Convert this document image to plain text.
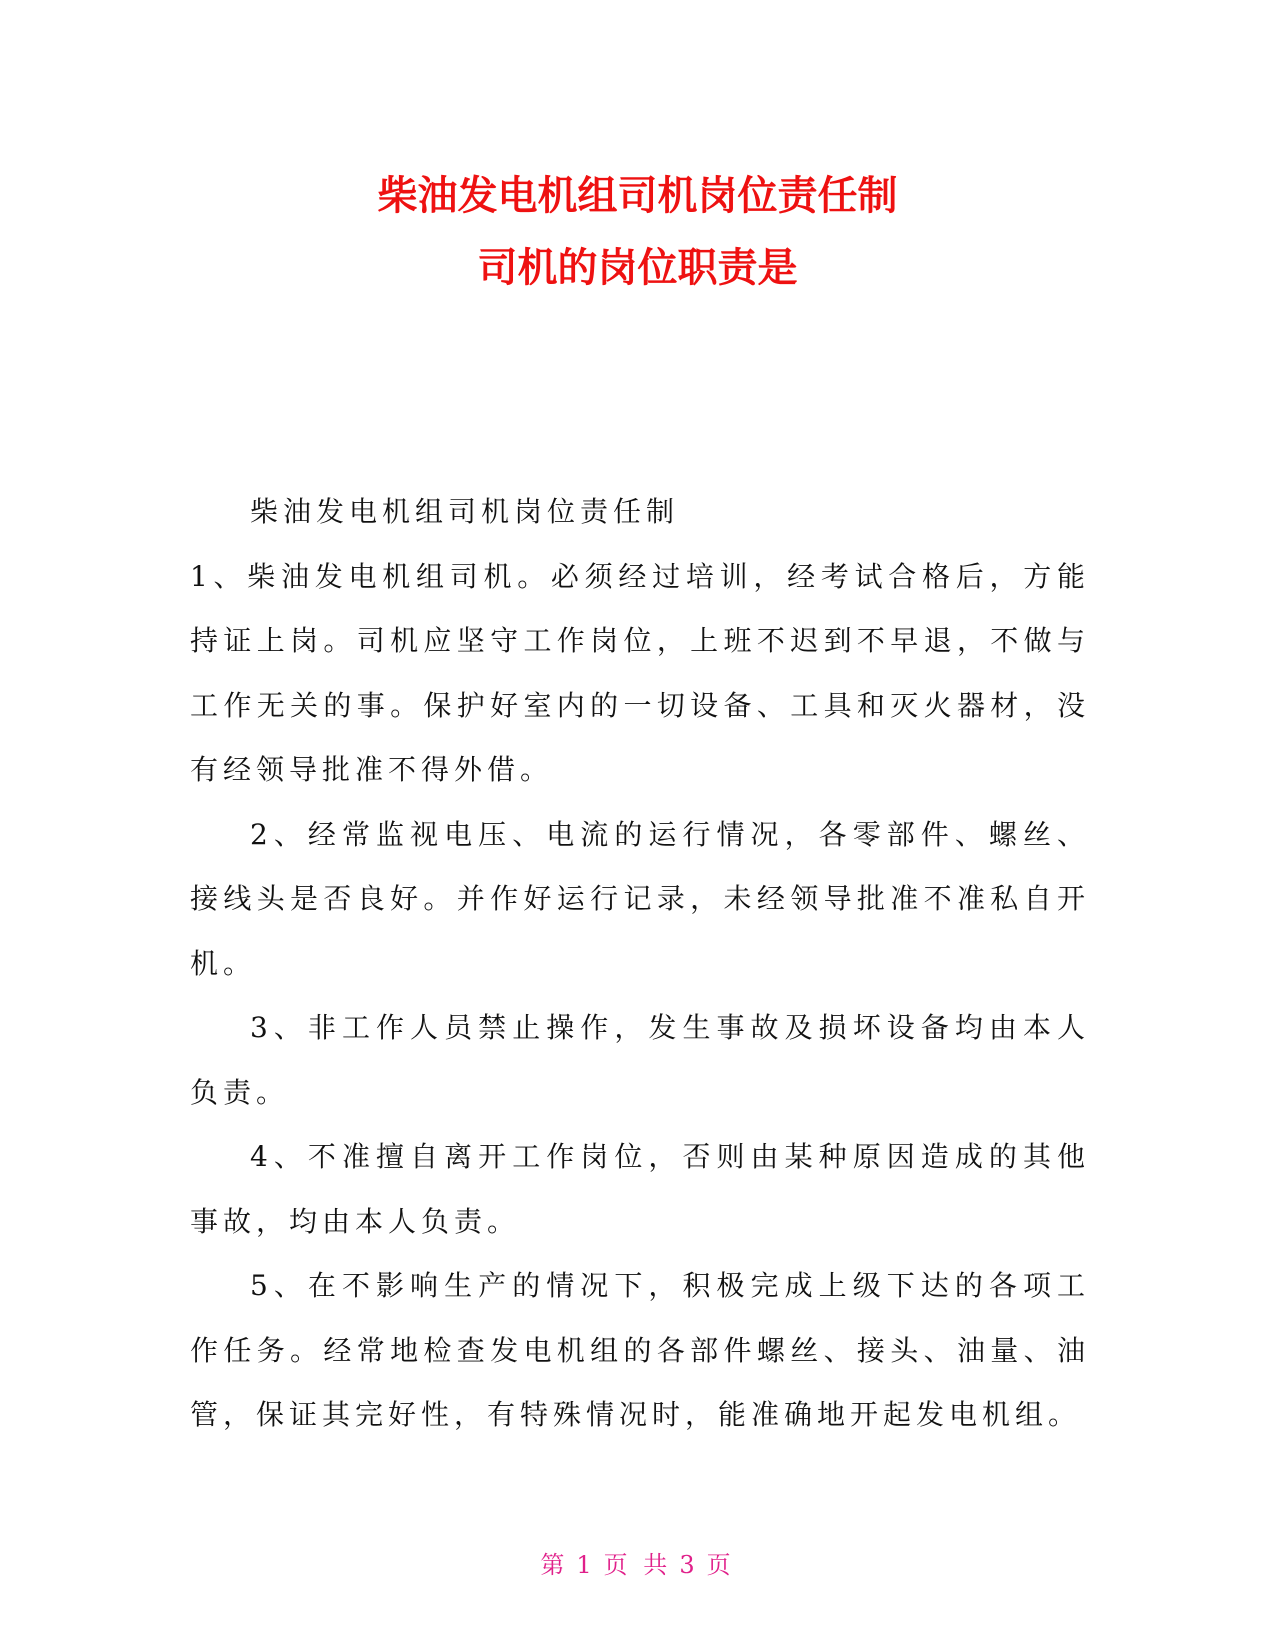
柴油发电机组司机岗位责任制
司机的岗位职责是

柴油发电机组司机岗位责任制

1、柴油发电机组司机。必须经过培训，经考试合格后，方能持证上岗。司机应坚守工作岗位，上班不迟到不早退，不做与工作无关的事。保护好室内的一切设备、工具和灭火器材，没有经领导批准不得外借。

2、经常监视电压、电流的运行情况，各零部件、螺丝、接线头是否良好。并作好运行记录，未经领导批准不准私自开机。

3、非工作人员禁止操作，发生事故及损坏设备均由本人负责。

4、不准擅自离开工作岗位，否则由某种原因造成的其他事故，均由本人负责。

5、在不影响生产的情况下，积极完成上级下达的各项工作任务。经常地检查发电机组的各部件螺丝、接头、油量、油管，保证其完好性，有特殊情况时，能准确地开起发电机组。

第 1 页 共 3 页
